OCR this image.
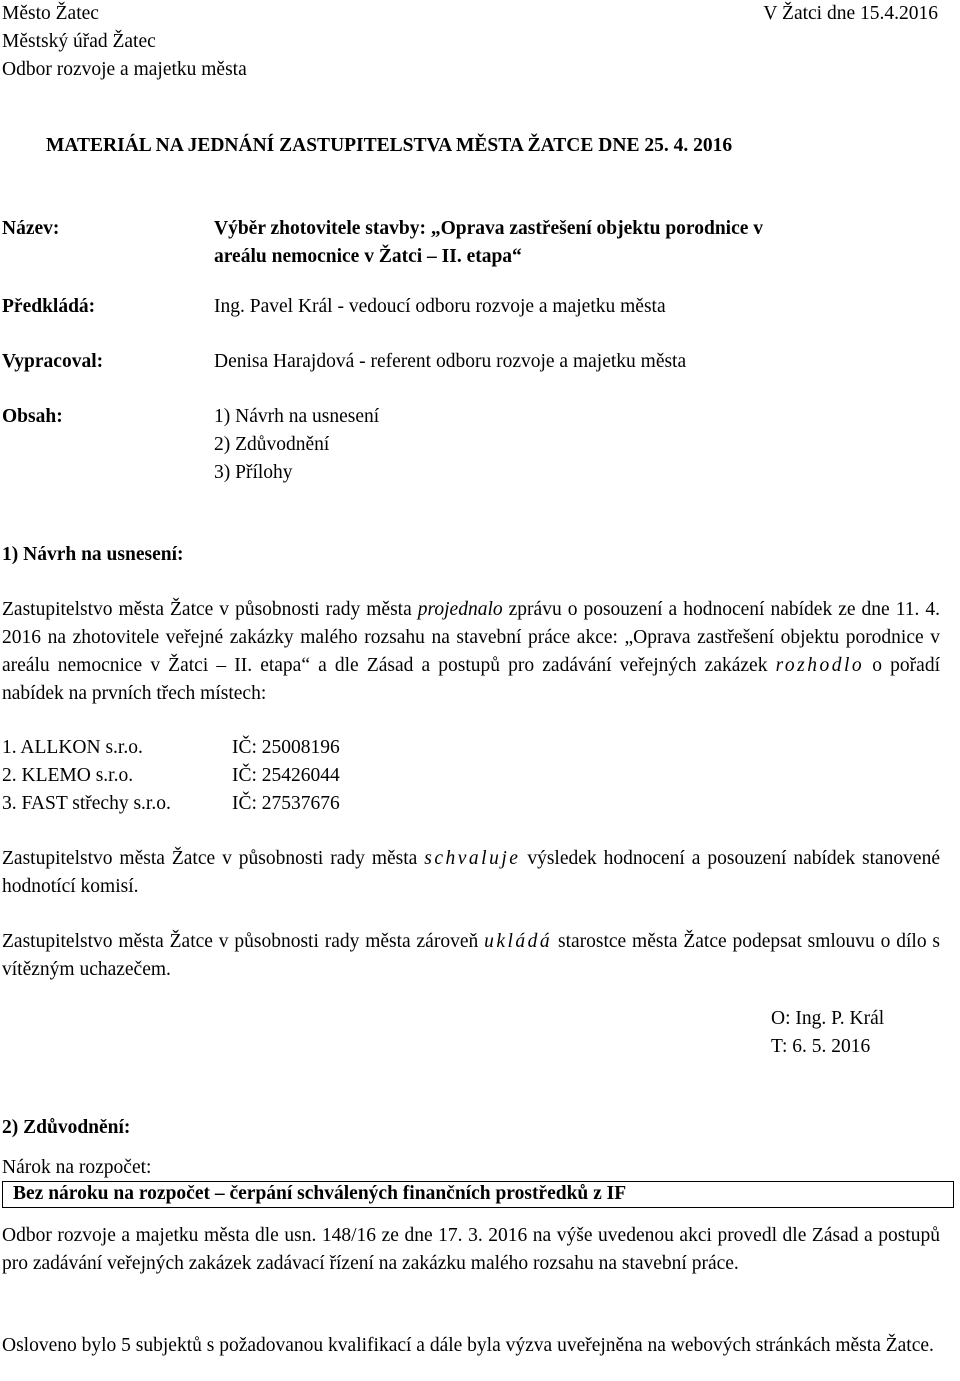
Město Žatec
Městský úřad Žatec
Odbor rozvoje a majetku města
V Žatci dne 15.4.2016
MATERIÁL NA JEDNÁNÍ ZASTUPITELSTVA MĚSTA ŽATCE DNE 25. 4. 2016
Název:	Výběr zhotovitele stavby: „Oprava zastřešení objektu porodnice v
areálu nemocnice v Žatci – II. etapa“
Předkládá:	Ing. Pavel Král - vedoucí odboru rozvoje a majetku města
Vypracoval:	Denisa Harajdová - referent odboru rozvoje a majetku města
Obsah:	1) Návrh na usnesení
2) Zdůvodnění
3) Přílohy
1) Návrh na usnesení:
Zastupitelstvo města Žatce v působnosti rady města projednalo zprávu o posouzení a hodnocení nabídek ze dne 11. 4. 2016 na zhotovitele veřejné zakázky malého rozsahu na stavební práce akce: „Oprava zastřešení objektu porodnice v areálu nemocnice v Žatci – II. etapa“ a dle Zásad a postupů pro zadávání veřejných zakázek rozhodlo o pořadí nabídek na prvních třech místech:
1. ALLKON s.r.o.	IČ: 25008196
2. KLEMO s.r.o.	IČ: 25426044
3. FAST střechy s.r.o.	IČ: 27537676
Zastupitelstvo města Žatce v působnosti rady města schvaluje výsledek hodnocení a posouzení nabídek stanovené hodnotící komisí.
Zastupitelstvo města Žatce v působnosti rady města zároveň ukládá starostce města Žatce podepsat smlouvu o dílo s vítězným uchazečem.
O: Ing. P. Král
T: 6. 5. 2016
2) Zdůvodnění:
Nárok na rozpočet:
Bez nároku na rozpočet – čerpání schválených finančních prostředků z IF
Odbor rozvoje a majetku města dle usn. 148/16 ze dne 17. 3. 2016 na výše uvedenou akci provedl dle Zásad a postupů pro zadávání veřejných zakázek zadávací řízení na zakázku malého rozsahu na stavební práce.
Osloveno bylo 5 subjektů s požadovanou kvalifikací a dále byla výzva uveřejněna na webových stránkách města Žatce.
